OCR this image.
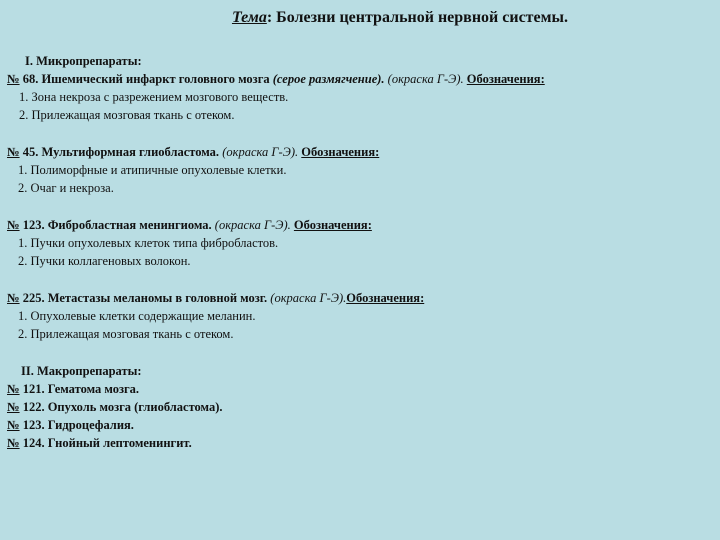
Тема: Болезни центральной нервной системы.
I. Микропрепараты:
№ 68. Ишемический инфаркт головного мозга (серое размягчение). (окраска Г-Э). Обозначения:
1. Зона некроза с разрежением мозгового веществ.
2. Прилежащая мозговая ткань с отеком.
№ 45. Мультиформная глиобластома. (окраска Г-Э). Обозначения:
1. Полиморфные и атипичные опухолевые клетки.
2. Очаг и некроза.
№ 123. Фибробластная менингиома. (окраска Г-Э). Обозначения:
1. Пучки опухолевых клеток типа фибробластов.
2. Пучки коллагеновых волокон.
№ 225. Метастазы меланомы в головной мозг. (окраска Г-Э).Обозначения:
1. Опухолевые клетки содержащие меланин.
2. Прилежащая мозговая ткань с отеком.
II. Макропрепараты:
№ 121. Гематома мозга.
№ 122. Опухоль мозга (глиобластома).
№ 123. Гидроцефалия.
№ 124. Гнойный лептоменингит.
